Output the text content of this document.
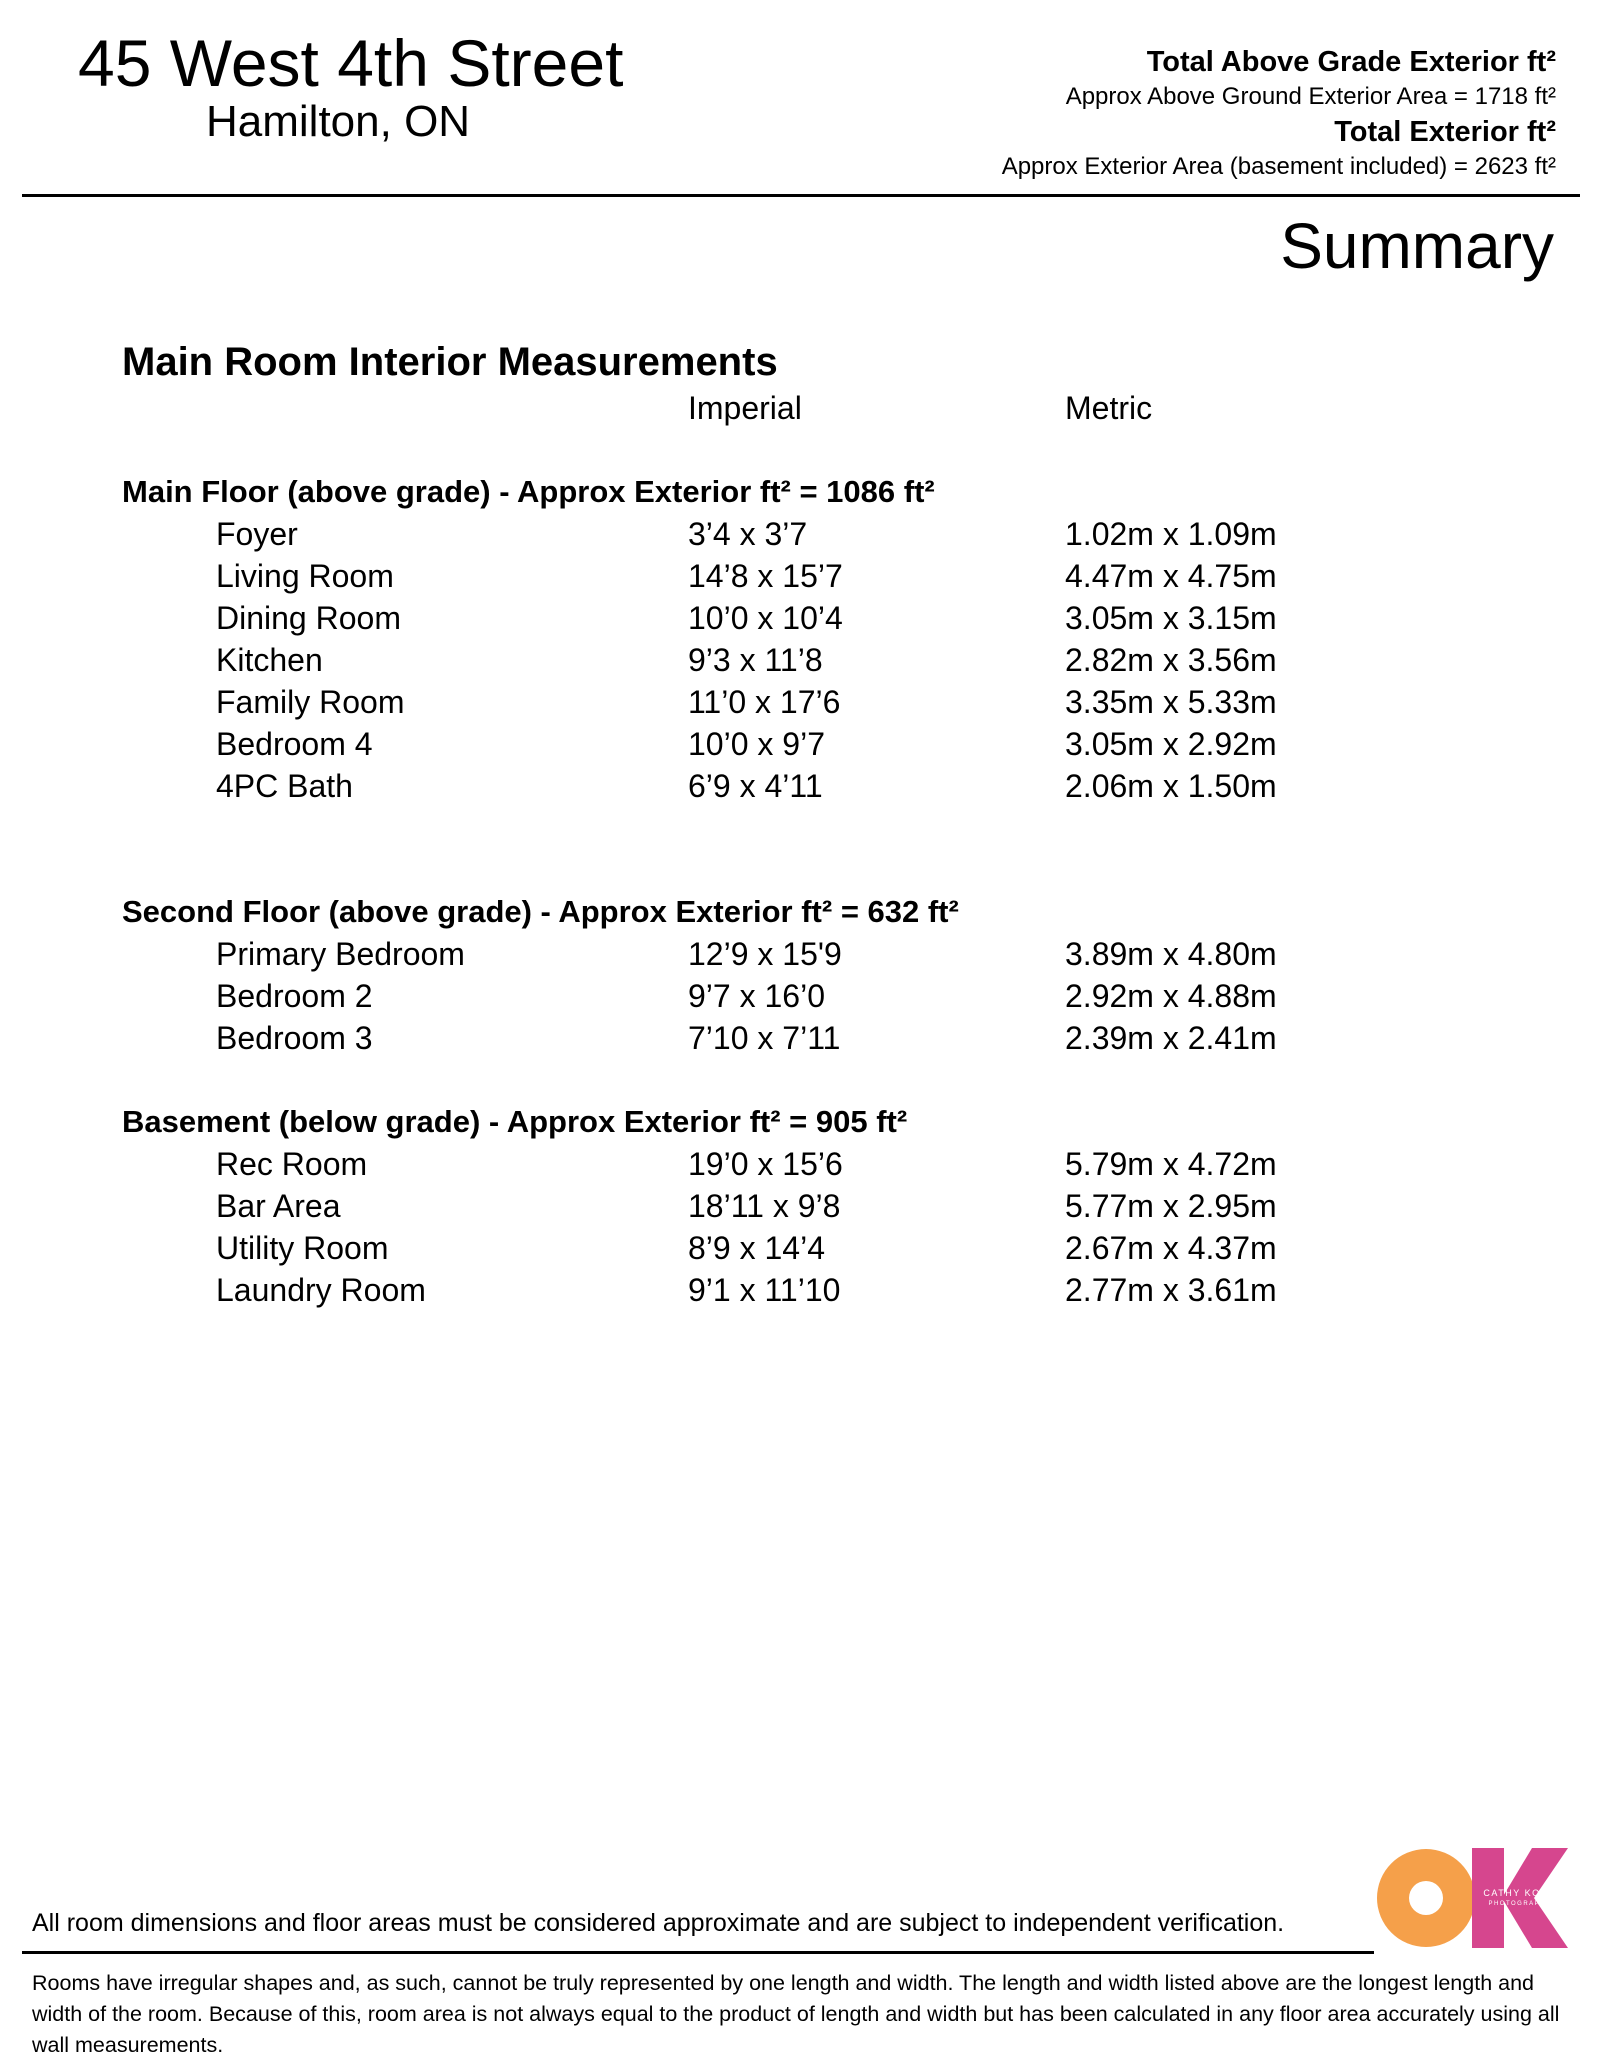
45 West 4th Street
Hamilton, ON
Total Above Grade Exterior ft²
Approx Above Ground Exterior Area = 1718 ft²
Total Exterior ft²
Approx Exterior Area (basement included) = 2623 ft²
Summary
Main Room Interior Measurements
Imperial	Metric
Main Floor (above grade) - Approx Exterior ft² = 1086 ft²
Foyer	3’4 x 3’7	1.02m x 1.09m
Living Room	14’8 x 15’7	4.47m x 4.75m
Dining Room	10’0 x 10’4	3.05m x 3.15m
Kitchen	9’3 x 11’8	2.82m x 3.56m
Family Room	11’0 x 17’6	3.35m x 5.33m
Bedroom 4	10’0 x 9’7	3.05m x 2.92m
4PC Bath	6’9 x 4’11	2.06m x 1.50m
Second Floor (above grade) - Approx Exterior ft² = 632 ft²
Primary Bedroom	12’9 x 15'9	3.89m x 4.80m
Bedroom 2	9’7 x 16’0	2.92m x 4.88m
Bedroom 3	7’10 x 7’11	2.39m x 2.41m
Basement (below grade) - Approx Exterior ft² = 905 ft²
Rec Room	19’0 x 15’6	5.79m x 4.72m
Bar Area	18’11 x 9’8	5.77m x 2.95m
Utility Room	8’9 x 14’4	2.67m x 4.37m
Laundry Room	9’1 x 11’10	2.77m x 3.61m
CATHY KOOP
PHOTOGRAPHY
All room dimensions and floor areas must be considered approximate and are subject to independent verification.
Rooms have irregular shapes and, as such, cannot be truly represented by one length and width. The length and width listed above are the longest length and width of the room. Because of this, room area is not always equal to the product of length and width but has been calculated in any floor area accurately using all wall measurements.
